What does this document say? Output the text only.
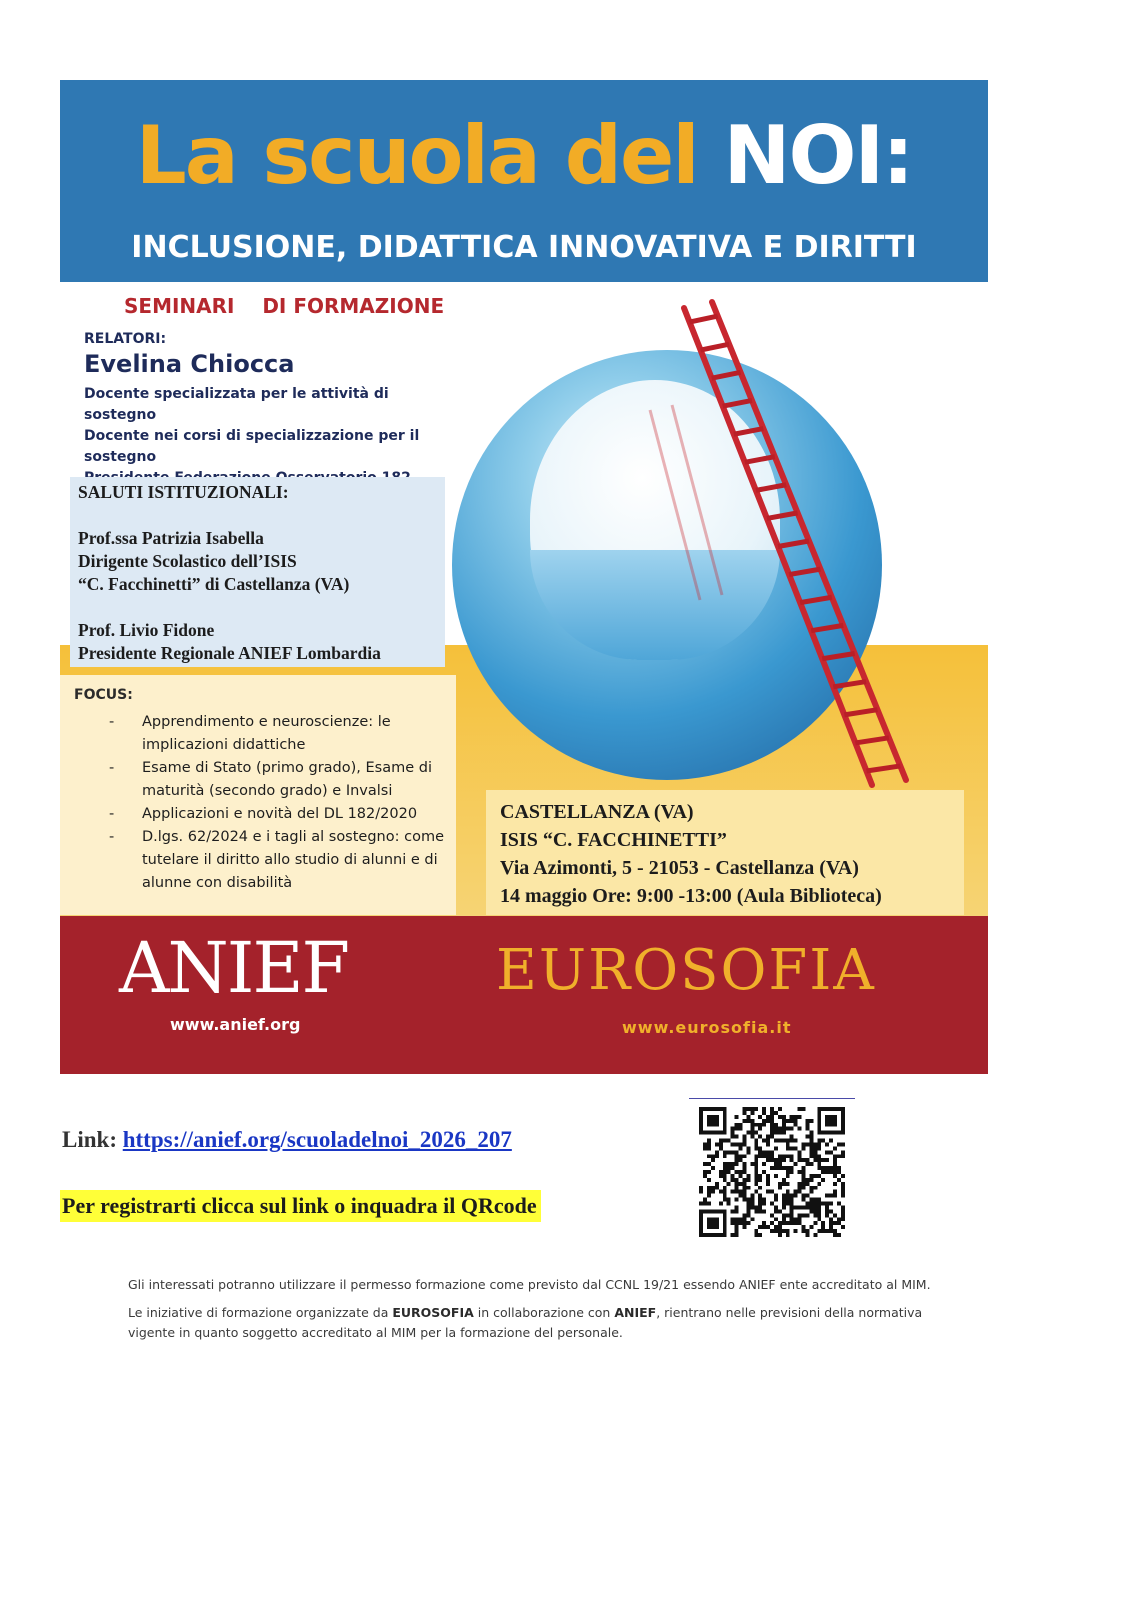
La scuola del NOI:
INCLUSIONE, DIDATTICA INNOVATIVA E DIRITTI
SEMINARI    DI FORMAZIONE
RELATORI:
Evelina Chiocca
Docente specializzata per le attività di sostegno
Docente nei corsi di specializzazione per il
sostegno
SALUTI ISTITUZIONALI:
Prof.ssa Patrizia Isabella
Dirigente Scolastico dell’ISIS
“C. Facchinetti” di Castellanza (VA)
Prof. Livio Fidone
Presidente Regionale ANIEF Lombardia
FOCUS:
- Apprendimento e neuroscienze: le implicazioni didattiche
- Esame di Stato (primo grado), Esame di maturità (secondo grado) e Invalsi
- Applicazioni e novità del DL 182/2020
- D.lgs. 62/2024 e i tagli al sostegno: come tutelare il diritto allo studio di alunni e di alunne con disabilità
CASTELLANZA (VA)
ISIS “C. FACCHINETTI”
Via Azimonti, 5 - 21053 - Castellanza (VA)
14 maggio Ore: 9:00 -13:00 (Aula Biblioteca)
ANIEF
www.anief.org
EUROSOFIA
www.eurosofia.it
Link: https://anief.org/scuoladelnoi_2026_207
Per registrarti clicca sul link o inquadra il QRcode
Gli interessati potranno utilizzare il permesso formazione come previsto dal CCNL 19/21 essendo ANIEF ente accreditato al MIM.
Le iniziative di formazione organizzate da EUROSOFIA in collaborazione con ANIEF, rientrano nelle previsioni della normativa vigente in quanto soggetto accreditato al MIM per la formazione del personale.
